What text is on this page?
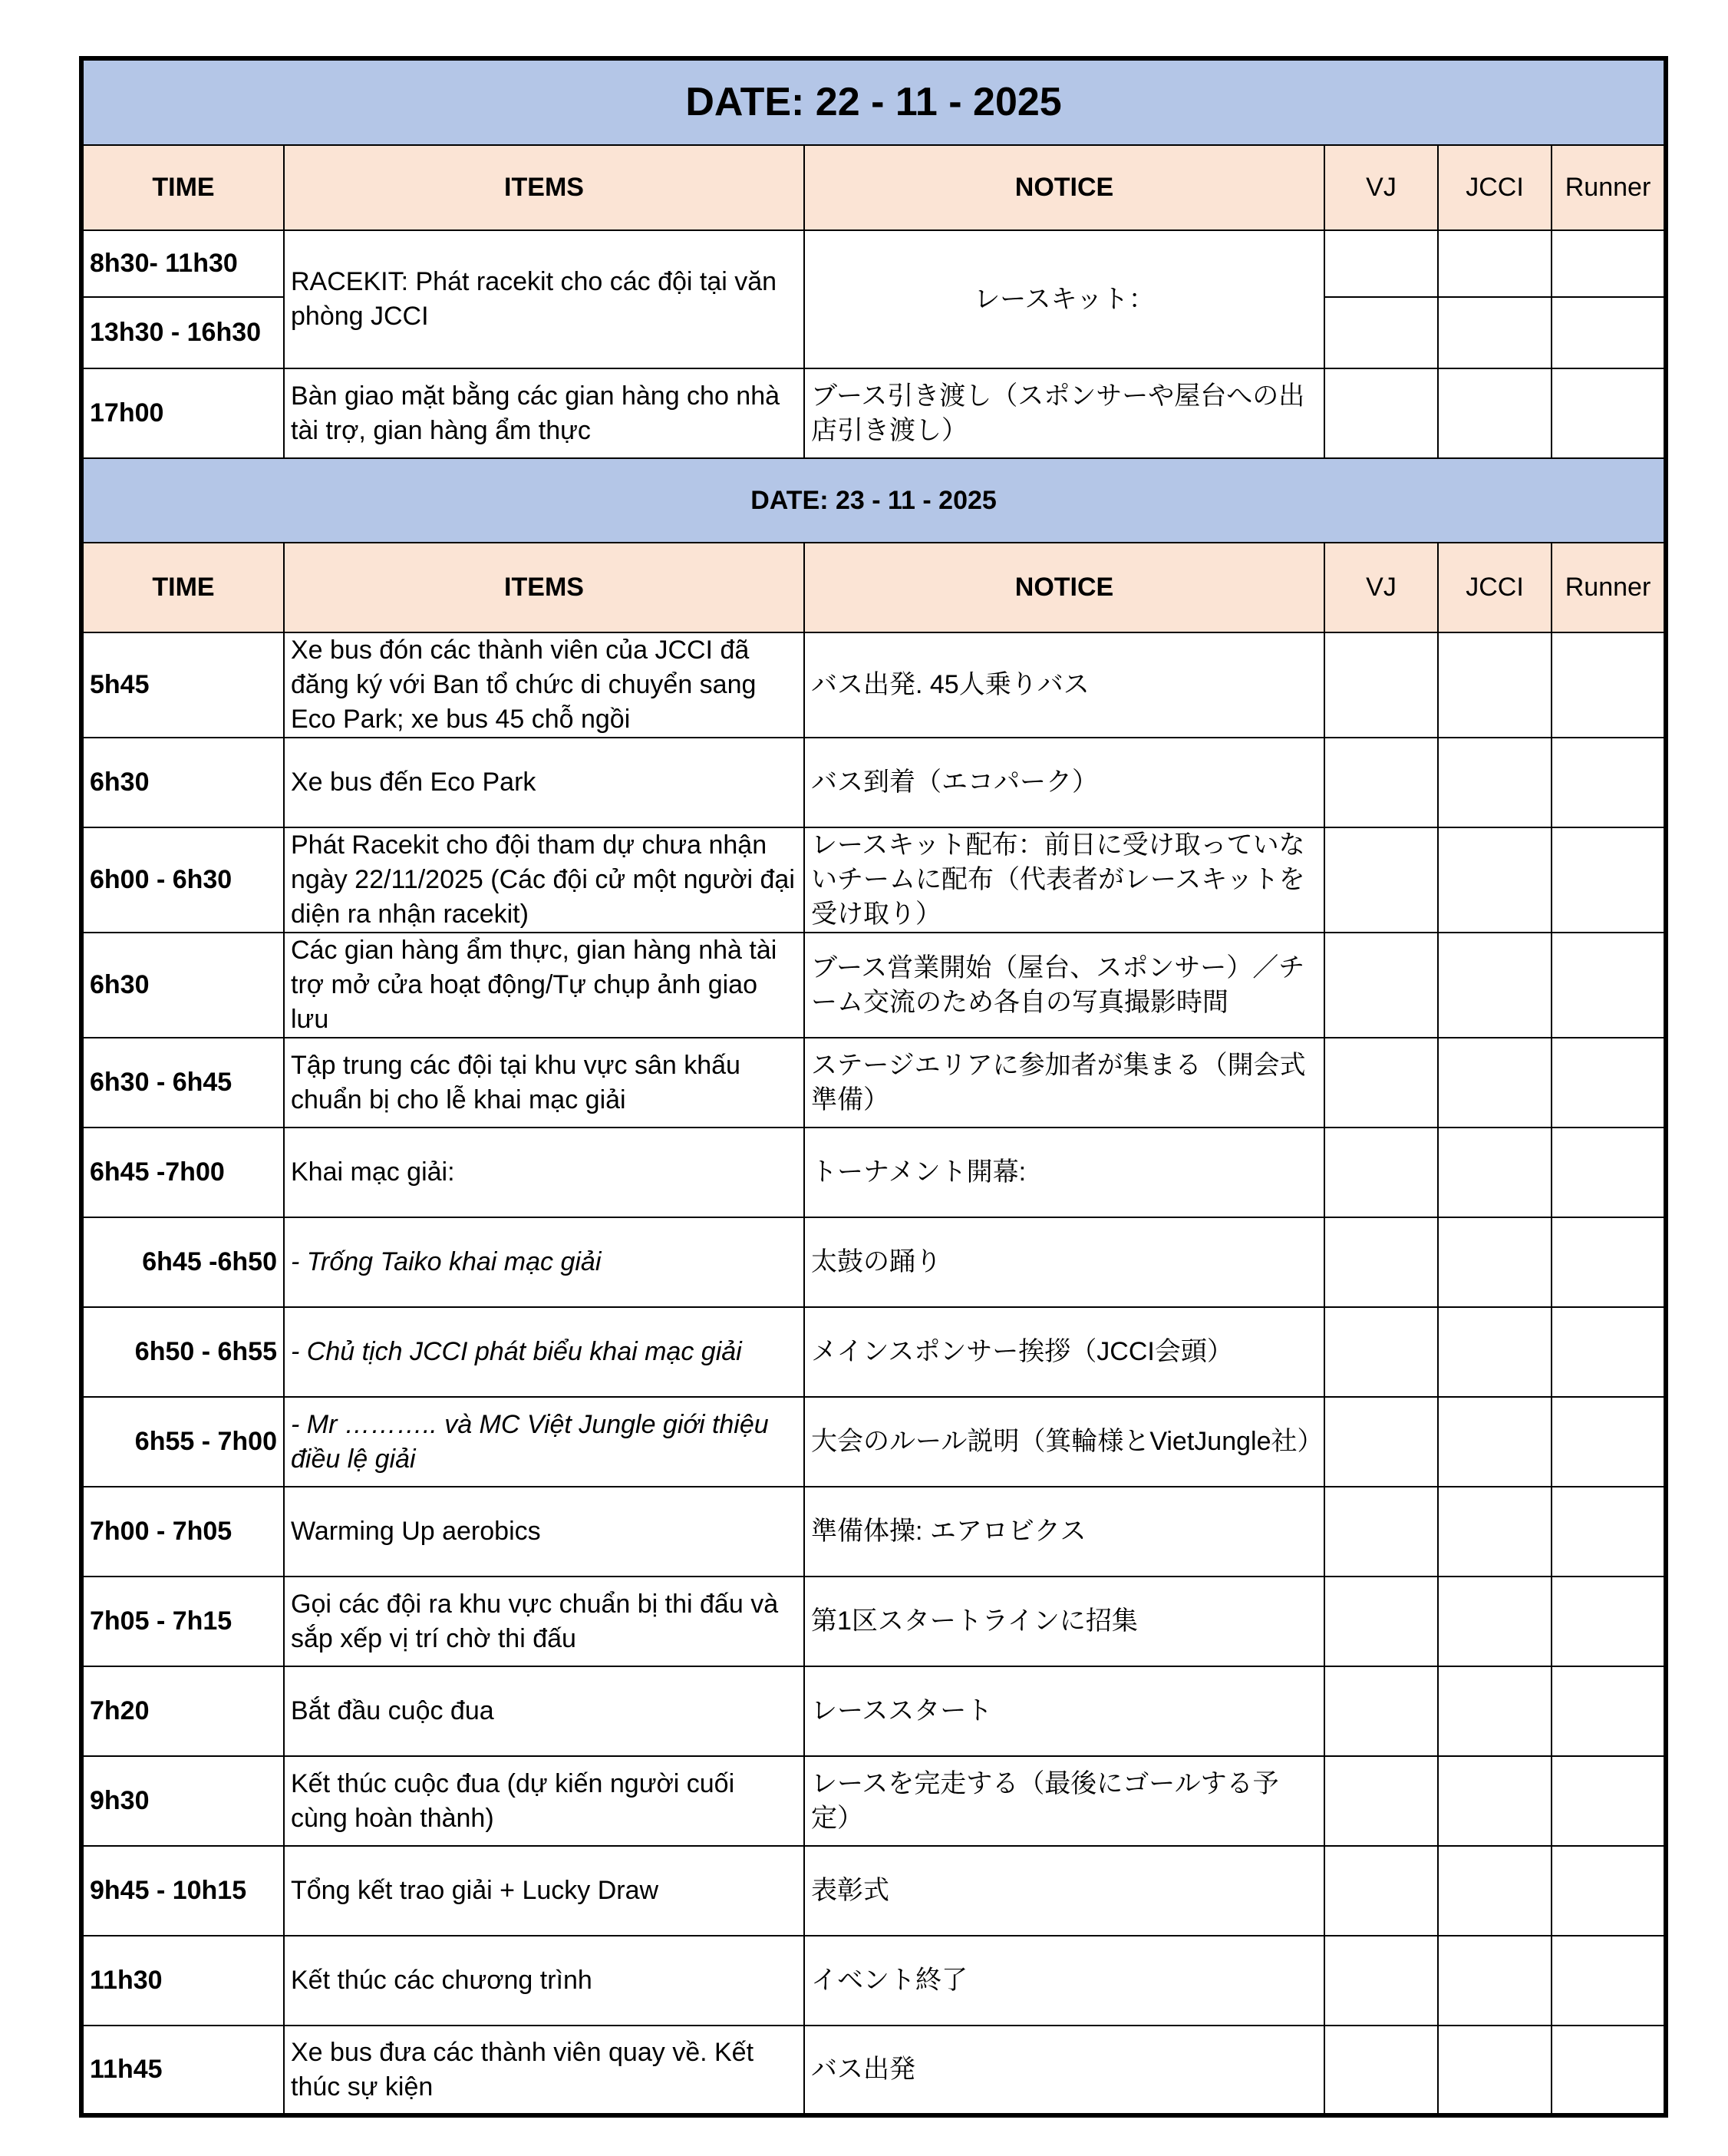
DATE: 22 - 11 - 2025					
TIME	ITEMS	NOTICE	VJ	JCCI	Runner
8h30- 11h30	RACEKIT: Phát racekit cho các đội tại văn phòng JCCI	レースキット：			
13h30 - 16h30					
17h00	Bàn giao mặt bằng các gian hàng cho nhà tài trợ, gian hàng ẩm thực	ブース引き渡し（スポンサーや屋台への出店引き渡し）			
DATE: 23 - 11 - 2025					
TIME	ITEMS	NOTICE	VJ	JCCI	Runner
5h45	Xe bus đón các thành viên của JCCI đã đăng ký với Ban tổ chức di chuyển sang Eco Park; xe bus 45 chỗ ngồi	バス出発. 45人乗りバス			
6h30	Xe bus đến Eco Park	バス到着（エコパーク）			
6h00 - 6h30	Phát Racekit cho đội tham dự chưa nhận ngày 22/11/2025 (Các đội cử một người đại diện ra nhận racekit)	レースキット配布：前日に受け取っていないチームに配布（代表者がレースキットを受け取り）			
6h30	Các gian hàng ẩm thực, gian hàng nhà tài trợ mở cửa hoạt động/Tự chụp ảnh giao lưu	ブース営業開始（屋台、スポンサー）／チーム交流のため各自の写真撮影時間			
6h30 - 6h45	Tập trung các đội tại khu vực sân khấu chuẩn bị cho lễ khai mạc giải	ステージエリアに参加者が集まる（開会式準備）			
6h45 -7h00	Khai mạc giải:	トーナメント開幕:			
6h45 -6h50	- Trống Taiko khai mạc giải	太鼓の踊り			
6h50 - 6h55	- Chủ tịch JCCI phát biểu khai mạc giải	メインスポンサー挨拶（JCCI会頭）			
6h55 - 7h00	- Mr ……….. và MC Việt Jungle giới thiệu điều lệ giải	大会のルール説明（箕輪様とVietJungle社）			
7h00 - 7h05	Warming Up aerobics	準備体操: エアロビクス			
7h05 - 7h15	Gọi các đội ra khu vực chuẩn bị thi đấu và sắp xếp vị trí chờ thi đấu	第1区スタートラインに招集			
7h20	Bắt đầu cuộc đua	レーススタート			
9h30	Kết thúc cuộc đua (dự kiến người cuối cùng hoàn thành)	レースを完走する（最後にゴールする予定）			
9h45 - 10h15	Tổng kết trao giải + Lucky Draw	表彰式			
11h30	Kết thúc các chương trình	イベント終了			
11h45	Xe bus đưa các thành viên quay về. Kết thúc sự kiện	バス出発			
